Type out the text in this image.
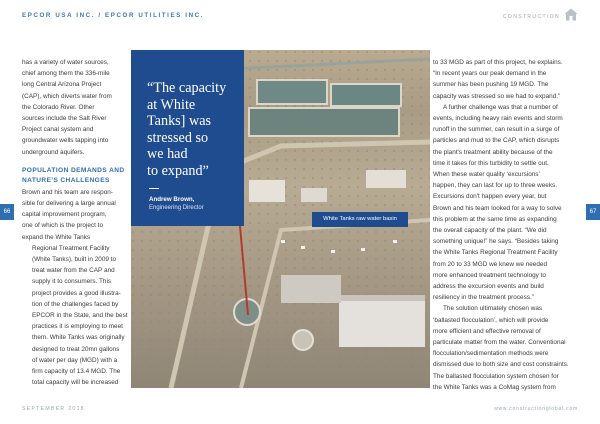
EPCOR USA INC. / EPCOR UTILITIES INC.	CONSTRUCTION

has a variety of water sources,

chief among them the 336-mile

long Central Arizona Project

(CAP), which diverts water from

the Colorado River. Other

sources include the Salt River

Project canal system and

groundwater wells tapping into

underground aquifers.

POPULATION DEMANDS AND

NATURE'S CHALLENGES

Brown and his team are respon-

sible for delivering a large annual

capital improvement program,

one of which is the project to

expand the White Tanks

Regional Treatment Facility

(White Tanks), built in 2009 to

treat water from the CAP and

supply it to consumers. This

project provides a good illustra-

tion of the challenges faced by

EPCOR in the State, and the best

practices it is employing to meet

them. White Tanks was originally

designed to treat 20mn gallons

of water per day (MGD) with a

firm capacity of 13.4 MGD. The

total capacity will be increased

“The capacity

at White

Tanks] was

stressed so

we had

to expand”

Andrew Brown,
Engineering Director
White Tanks raw water basin

to 33 MGD as part of this project, he explains.

“In recent years our peak demand in the

summer has been pushing 19 MGD. The

capacity was stressed so we had to expand.”

A further challenge was that a number of

events, including heavy rain events and storm

runoff in the summer, can result in a surge of

particles and mud to the CAP, which disrupts

the plant's treatment ability because of the

time it takes for this turbidity to settle out.

When these water quality ‘excursions’

happen, they can last for up to three weeks.

Excursions don't happen every year, but

Brown and his team looked for a way to solve

this problem at the same time as expanding

the overall capacity of the plant. “We did

something unique!” he says. “Besides taking

the White Tanks Regional Treatment Facility

from 20 to 33 MGD we knew we needed

more enhanced treatment technology to

address the excursion events and build

resiliency in the treatment process.”

The solution ultimately chosen was

‘ballasted flocculation’, which will provide

more efficient and effective removal of

particulate matter from the water. Conventional

flocculation/sedimentation methods were

dismissed due to both size and cost constraints.

The ballasted flocculation system chosen for

the White Tanks was a CoMag system from

66	67
SEPTEMBER 2018	www.constructionglobal.com
